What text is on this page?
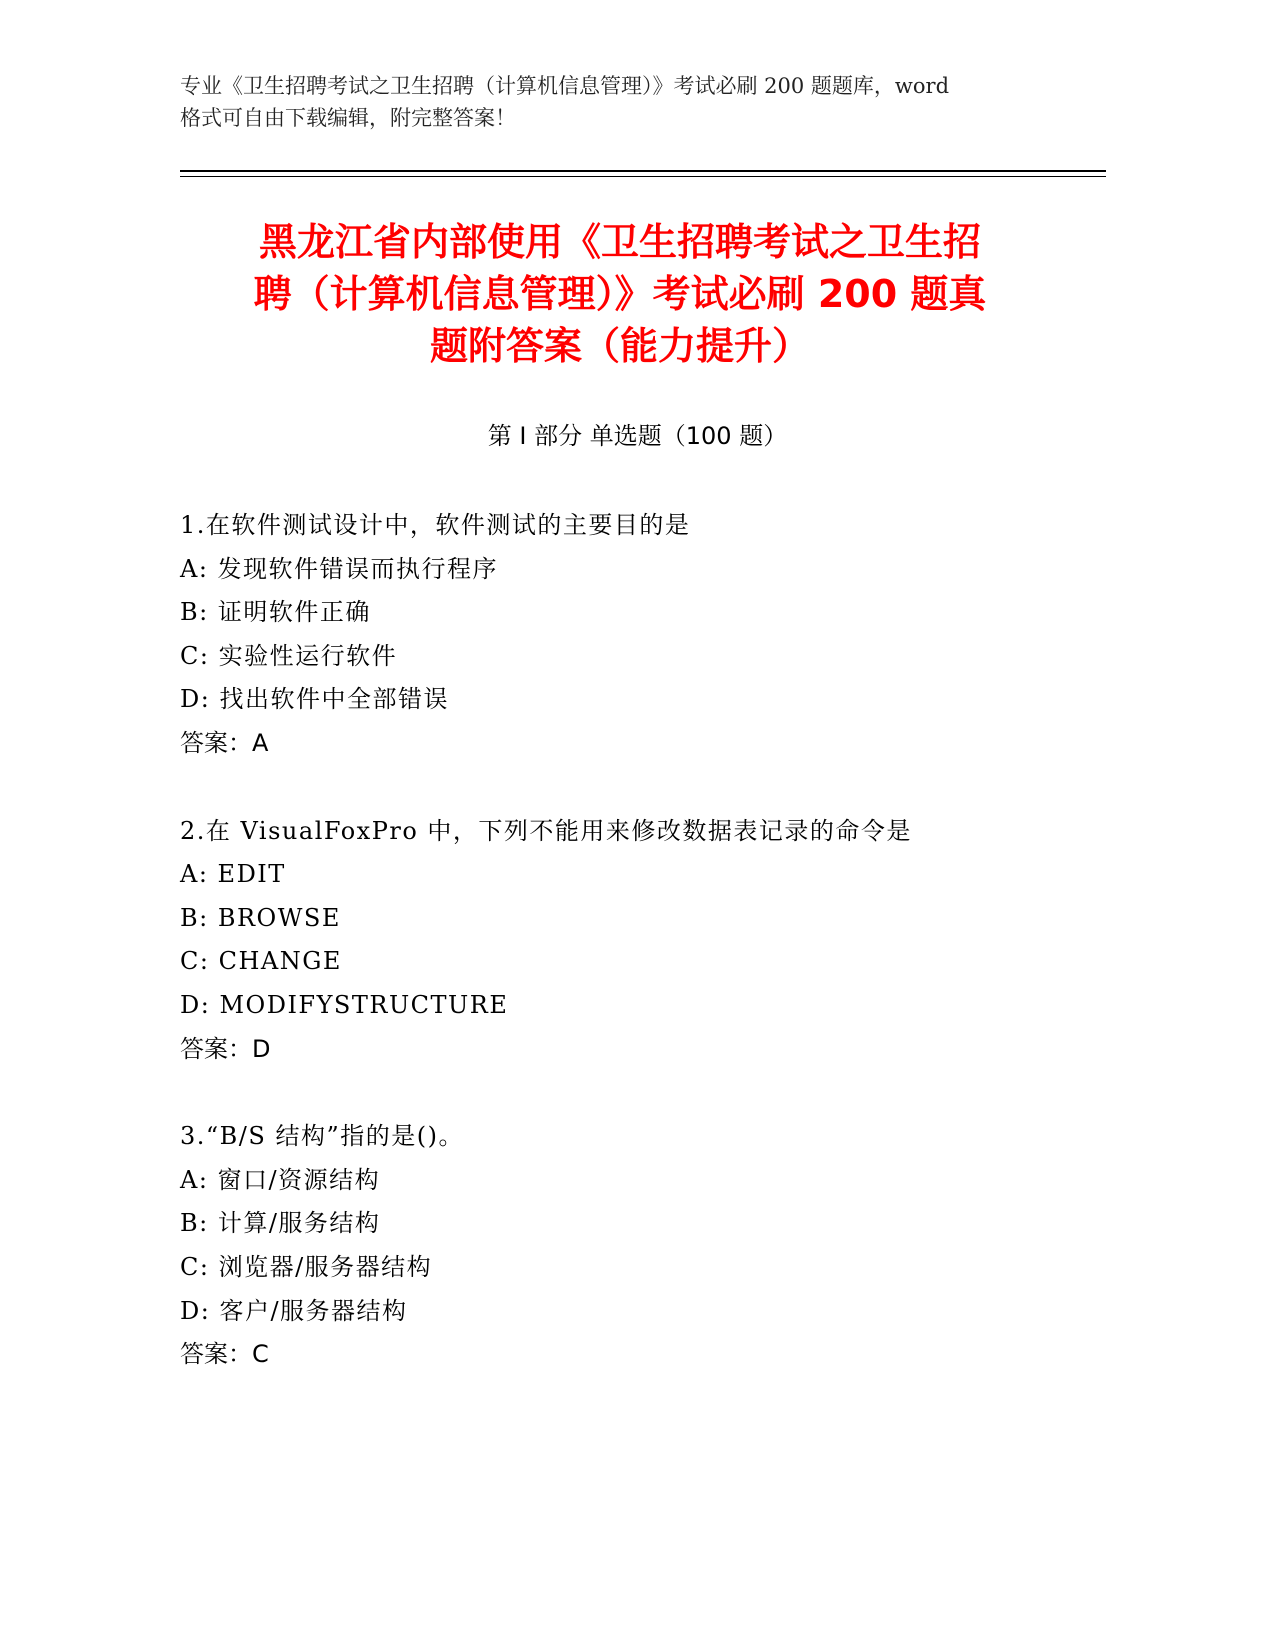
专业《卫生招聘考试之卫生招聘（计算机信息管理）》考试必刷 200 题题库，word
格式可自由下载编辑，附完整答案！
黑龙江省内部使用《卫生招聘考试之卫生招
聘（计算机信息管理）》考试必刷 200 题真
题附答案（能力提升）
第 I 部分 单选题（100 题）
1.在软件测试设计中，软件测试的主要目的是
A: 发现软件错误而执行程序
B: 证明软件正确
C: 实验性运行软件
D: 找出软件中全部错误
答案：A
2.在 VisualFoxPro 中，下列不能用来修改数据表记录的命令是
A: EDIT
B: BROWSE
C: CHANGE
D: MODIFYSTRUCTURE
答案：D
3.“B/S 结构”指的是()。
A: 窗口/资源结构
B: 计算/服务结构
C: 浏览器/服务器结构
D: 客户/服务器结构
答案：C
